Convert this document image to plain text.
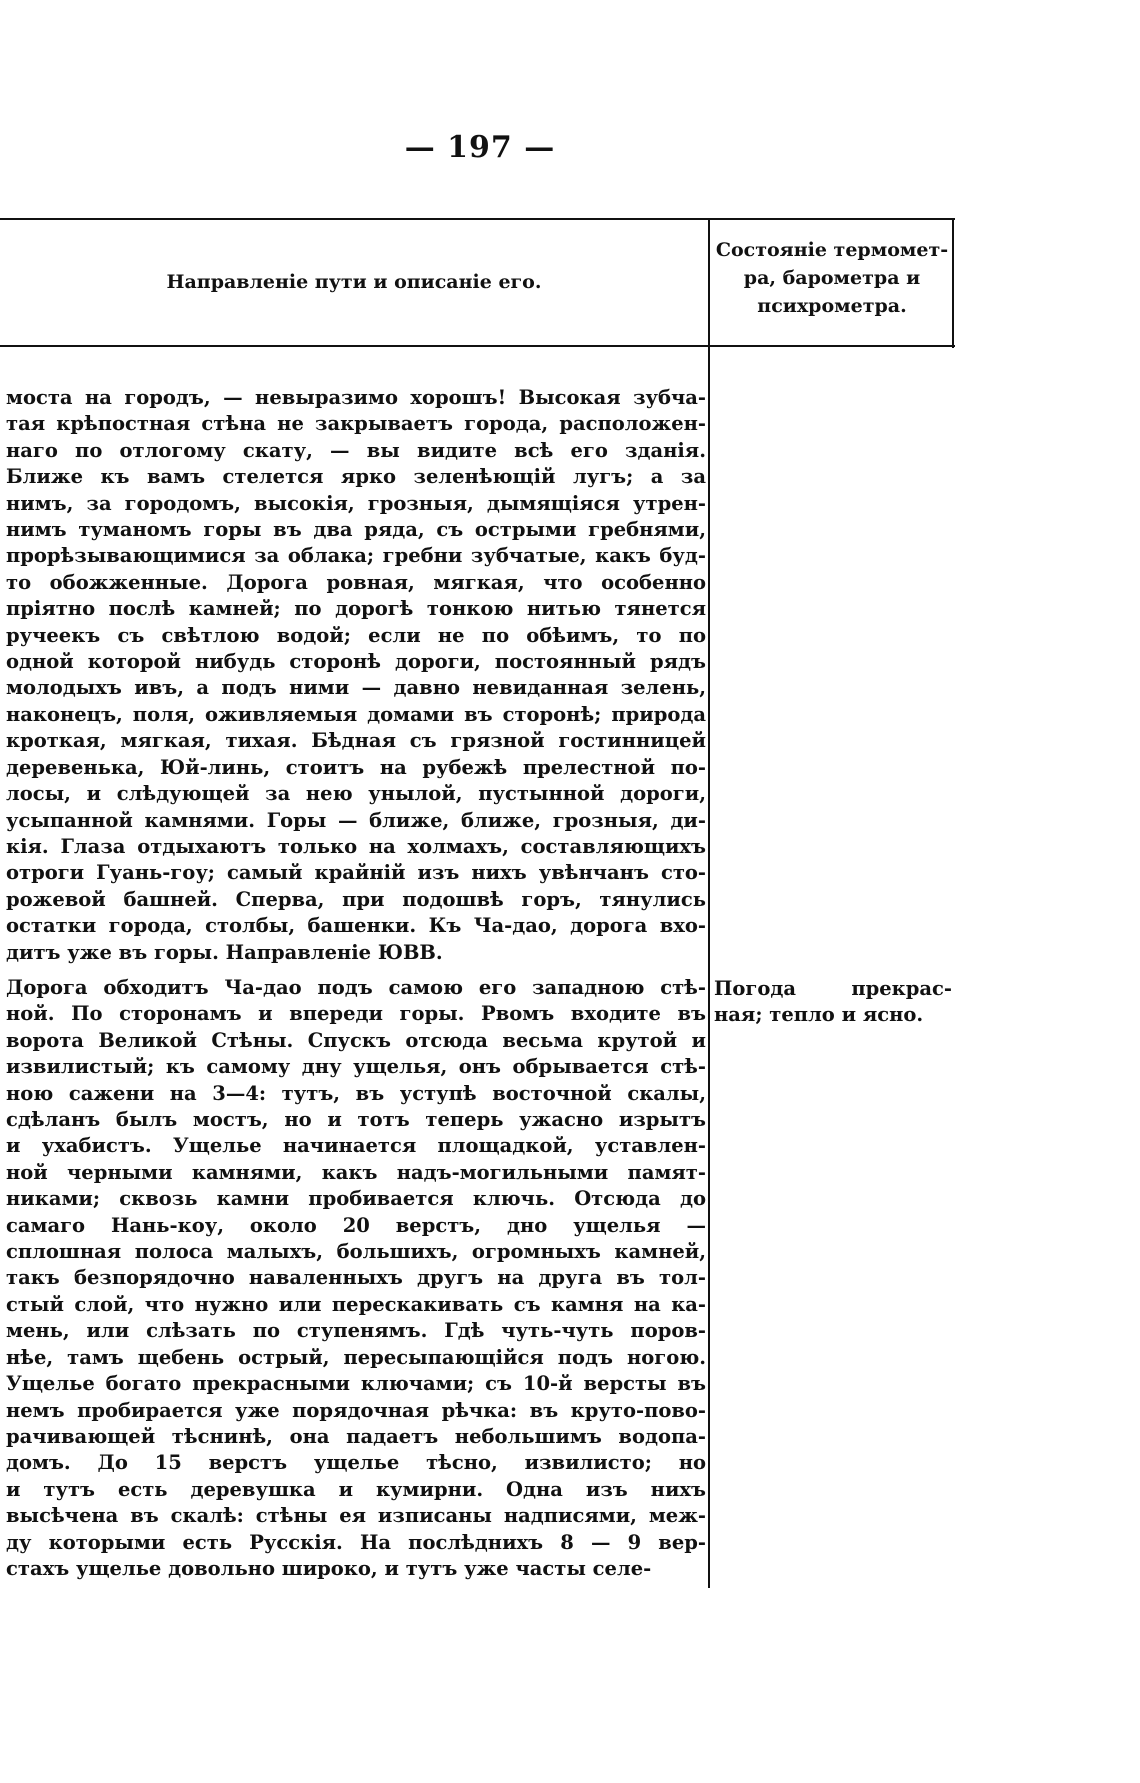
— 197 —
Направленіе пути и описаніе его.
Состояніе термомет-
ра, барометра и
психрометра.
моста на городъ, — невыразимо хорошъ! Высокая зубча-
тая крѣпостная стѣна не закрываетъ города, расположен-
наго по отлогому скату, — вы видите всѣ его зданія.
Ближе къ вамъ стелется ярко зеленѣющій лугъ; а за
нимъ, за городомъ, высокія, грозныя, дымящіяся утрен-
нимъ туманомъ горы въ два ряда, съ острыми гребнями,
прорѣзывающимися за облака; гребни зубчатые, какъ буд-
то обожженные. Дорога ровная, мягкая, что особенно
пріятно послѣ камней; по дорогѣ тонкою нитью тянется
ручеекъ съ свѣтлою водой; если не по обѣимъ, то по
одной которой нибудь сторонѣ дороги, постоянный рядъ
молодыхъ ивъ, а подъ ними — давно невиданная зелень,
наконецъ, поля, оживляемыя домами въ сторонѣ; природа
кроткая, мягкая, тихая. Бѣдная съ грязной гостинницей
деревенька, Юй-линь, стоитъ на рубежѣ прелестной по-
лосы, и слѣдующей за нею унылой, пустынной дороги,
усыпанной камнями. Горы — ближе, ближе, грозныя, ди-
кія. Глаза отдыхаютъ только на холмахъ, составляющихъ
отроги Гуань-гоу; самый крайній изъ нихъ увѣнчанъ сто-
рожевой башней. Сперва, при подошвѣ горъ, тянулись
остатки города, столбы, башенки. Къ Ча-дао, дорога вхо-
дитъ уже въ горы. Направленіе ЮВВ.
Дорога обходитъ Ча-дао подъ самою его западною стѣ-
ной. По сторонамъ и впереди горы. Рвомъ входите въ
ворота Великой Стѣны. Спускъ отсюда весьма крутой и
извилистый; къ самому дну ущелья, онъ обрывается стѣ-
ною сажени на 3—4: тутъ, въ уступѣ восточной скалы,
сдѣланъ былъ мостъ, но и тотъ теперь ужасно изрытъ
и ухабистъ. Ущелье начинается площадкой, уставлен-
ной черными камнями, какъ надъ-могильными памят-
никами; сквозь камни пробивается ключь. Отсюда до
самаго Нань-коу, около 20 верстъ, дно ущелья —
сплошная полоса малыхъ, большихъ, огромныхъ камней,
такъ безпорядочно наваленныхъ другъ на друга въ тол-
стый слой, что нужно или перескакивать съ камня на ка-
мень, или слѣзать по ступенямъ. Гдѣ чуть-чуть поров-
нѣе, тамъ щебень острый, пересыпающійся подъ ногою.
Ущелье богато прекрасными ключами; съ 10-й версты въ
немъ пробирается уже порядочная рѣчка: въ круто-пово-
рачивающей тѣснинѣ, она падаетъ небольшимъ водопа-
домъ. До 15 верстъ ущелье тѣсно, извилисто; но
и тутъ есть деревушка и кумирни. Одна изъ нихъ
высѣчена въ скалѣ: стѣны ея изписаны надписями, меж-
ду которыми есть Русскія. На послѣднихъ 8 — 9 вер-
стахъ ущелье довольно широко, и тутъ уже часты селе-
Погода прекрас-
ная; тепло и ясно.
